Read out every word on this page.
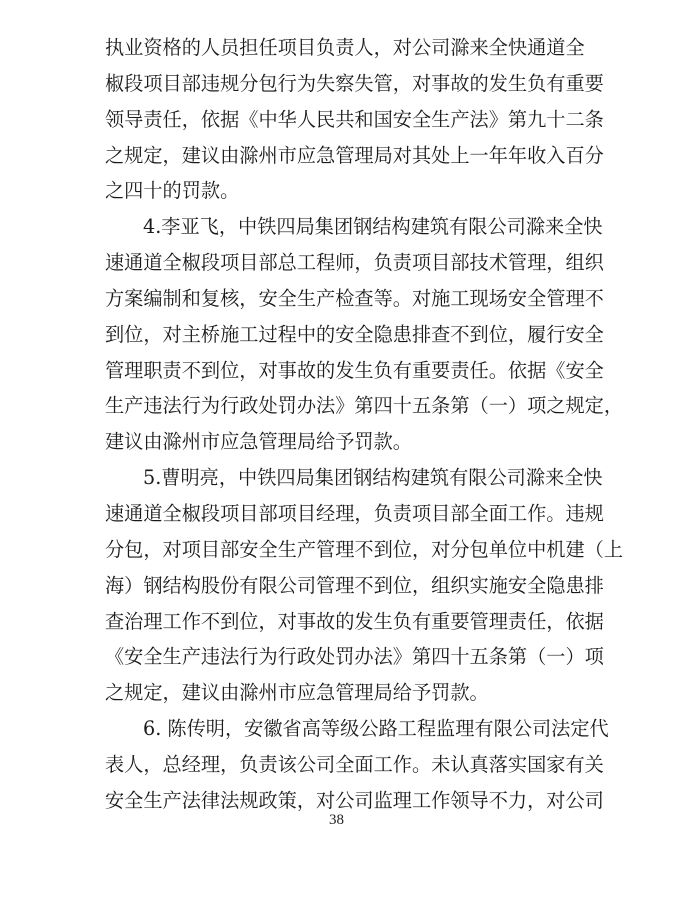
执业资格的人员担任项目负责人，对公司滁来全快通道全
椒段项目部违规分包行为失察失管，对事故的发生负有重要
领导责任，依据《中华人民共和国安全生产法》第九十二条
之规定，建议由滁州市应急管理局对其处上一年年收入百分
之四十的罚款。
4.李亚飞，中铁四局集团钢结构建筑有限公司滁来全快
速通道全椒段项目部总工程师，负责项目部技术管理，组织
方案编制和复核，安全生产检查等。对施工现场安全管理不
到位，对主桥施工过程中的安全隐患排查不到位，履行安全
管理职责不到位，对事故的发生负有重要责任。依据《安全
生产违法行为行政处罚办法》第四十五条第（一）项之规定，
建议由滁州市应急管理局给予罚款。
5.曹明亮，中铁四局集团钢结构建筑有限公司滁来全快
速通道全椒段项目部项目经理，负责项目部全面工作。违规
分包，对项目部安全生产管理不到位，对分包单位中机建（上
海）钢结构股份有限公司管理不到位，组织实施安全隐患排
查治理工作不到位，对事故的发生负有重要管理责任，依据
《安全生产违法行为行政处罚办法》第四十五条第（一）项
之规定，建议由滁州市应急管理局给予罚款。
6. 陈传明，安徽省高等级公路工程监理有限公司法定代
表人，总经理，负责该公司全面工作。未认真落实国家有关
安全生产法律法规政策，对公司监理工作领导不力，对公司
38
